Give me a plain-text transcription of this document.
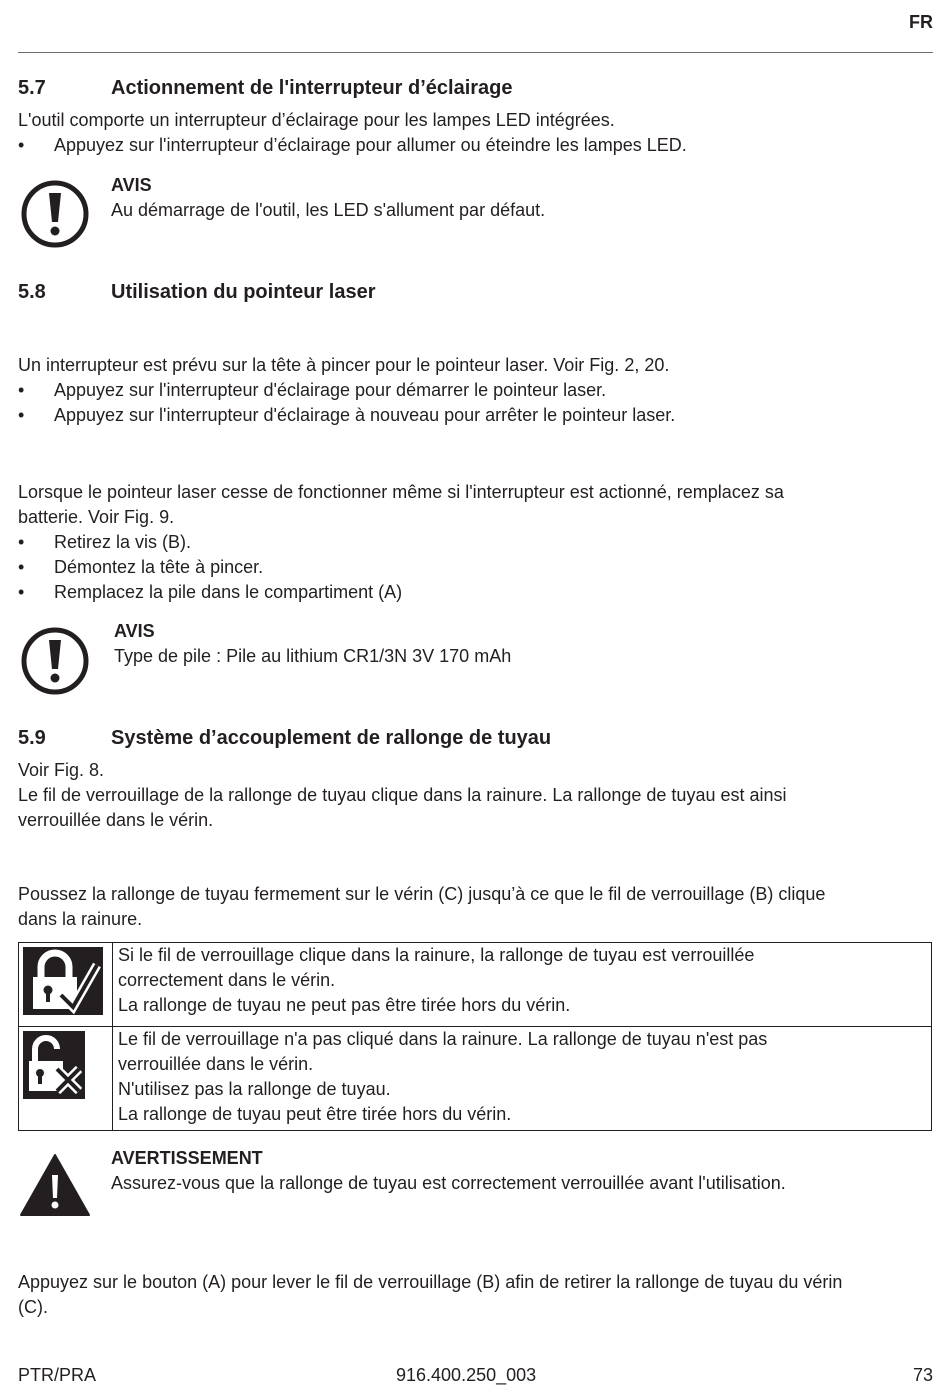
FR
5.7	Actionnement de l'interrupteur d’éclairage
L'outil comporte un interrupteur d’éclairage pour les lampes LED intégrées.
• Appuyez sur l'interrupteur d’éclairage pour allumer ou éteindre les lampes LED.
AVIS
Au démarrage de l'outil, les LED s'allument par défaut.
5.8	Utilisation du pointeur laser
Un interrupteur est prévu sur la tête à pincer pour le pointeur laser. Voir Fig. 2, 20.
• Appuyez sur l'interrupteur d'éclairage pour démarrer le pointeur laser.
• Appuyez sur l'interrupteur d'éclairage à nouveau pour arrêter le pointeur laser.
Lorsque le pointeur laser cesse de fonctionner même si l'interrupteur est actionné, remplacez sa
batterie. Voir Fig. 9.
• Retirez la vis (B).
• Démontez la tête à pincer.
• Remplacez la pile dans le compartiment (A)
AVIS
Type de pile : Pile au lithium CR1/3N 3V 170 mAh
5.9	Système d’accouplement de rallonge de tuyau
Voir Fig. 8.
Le fil de verrouillage de la rallonge de tuyau clique dans la rainure. La rallonge de tuyau est ainsi
verrouillée dans le vérin.
Poussez la rallonge de tuyau fermement sur le vérin (C) jusqu’à ce que le fil de verrouillage (B) clique
dans la rainure.

Si le fil de verrouillage clique dans la rainure, la rallonge de tuyau est verrouillée
correctement dans le vérin.
La rallonge de tuyau ne peut pas être tirée hors du vérin.

Le fil de verrouillage n'a pas cliqué dans la rainure. La rallonge de tuyau n'est pas
verrouillée dans le vérin.
N'utilisez pas la rallonge de tuyau.
La rallonge de tuyau peut être tirée hors du vérin.
AVERTISSEMENT
Assurez-vous que la rallonge de tuyau est correctement verrouillée avant l'utilisation.
Appuyez sur le bouton (A) pour lever le fil de verrouillage (B) afin de retirer la rallonge de tuyau du vérin
(C).
PTR/PRA	916.400.250_003	73
